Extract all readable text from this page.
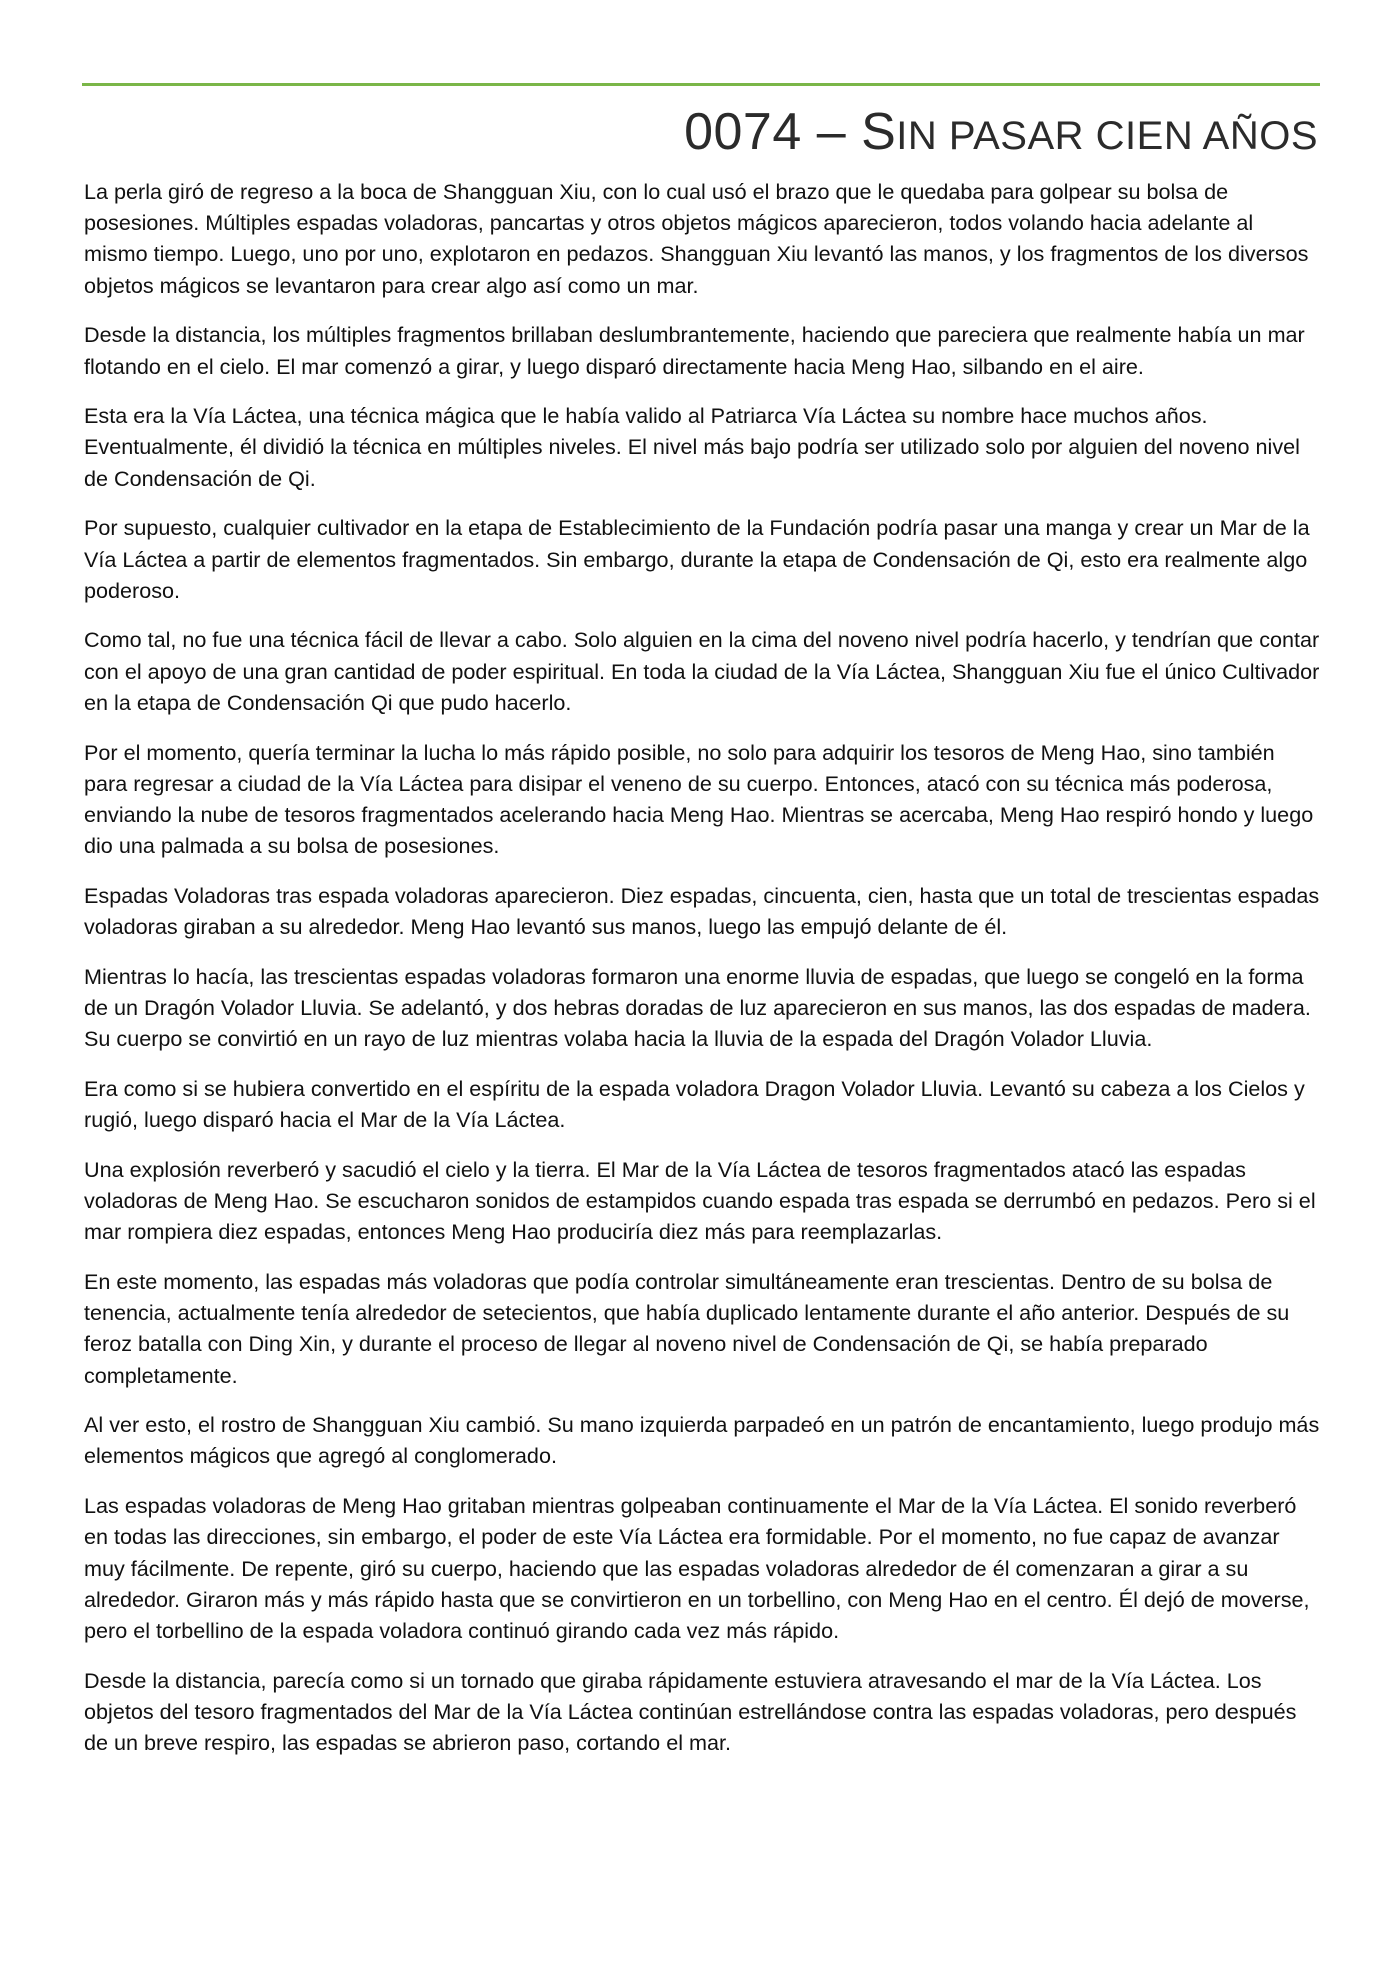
0074 – SIN PASAR CIEN AÑOS

La perla giró de regreso a la boca de Shangguan Xiu, con lo cual usó el brazo que le quedaba para golpear su bolsa de posesiones. Múltiples espadas voladoras, pancartas y otros objetos mágicos aparecieron, todos volando hacia adelante al mismo tiempo. Luego, uno por uno, explotaron en pedazos. Shangguan Xiu levantó las manos, y los fragmentos de los diversos objetos mágicos se levantaron para crear algo así como un mar.

Desde la distancia, los múltiples fragmentos brillaban deslumbrantemente, haciendo que pareciera que realmente había un mar flotando en el cielo. El mar comenzó a girar, y luego disparó directamente hacia Meng Hao, silbando en el aire.

Esta era la Vía Láctea, una técnica mágica que le había valido al Patriarca Vía Láctea su nombre hace muchos años. Eventualmente, él dividió la técnica en múltiples niveles. El nivel más bajo podría ser utilizado solo por alguien del noveno nivel de Condensación de Qi.

Por supuesto, cualquier cultivador en la etapa de Establecimiento de la Fundación podría pasar una manga y crear un Mar de la Vía Láctea a partir de elementos fragmentados. Sin embargo, durante la etapa de Condensación de Qi, esto era realmente algo poderoso.

Como tal, no fue una técnica fácil de llevar a cabo. Solo alguien en la cima del noveno nivel podría hacerlo, y tendrían que contar con el apoyo de una gran cantidad de poder espiritual. En toda la ciudad de la Vía Láctea, Shangguan Xiu fue el único Cultivador en la etapa de Condensación Qi que pudo hacerlo.

Por el momento, quería terminar la lucha lo más rápido posible, no solo para adquirir los tesoros de Meng Hao, sino también para regresar a ciudad de la Vía Láctea para disipar el veneno de su cuerpo. Entonces, atacó con su técnica más poderosa, enviando la nube de tesoros fragmentados acelerando hacia Meng Hao. Mientras se acercaba, Meng Hao respiró hondo y luego dio una palmada a su bolsa de posesiones.

Espadas Voladoras tras espada voladoras aparecieron. Diez espadas, cincuenta, cien, hasta que un total de trescientas espadas voladoras giraban a su alrededor. Meng Hao levantó sus manos, luego las empujó delante de él.

Mientras lo hacía, las trescientas espadas voladoras formaron una enorme lluvia de espadas, que luego se congeló en la forma de un Dragón Volador Lluvia. Se adelantó, y dos hebras doradas de luz aparecieron en sus manos, las dos espadas de madera. Su cuerpo se convirtió en un rayo de luz mientras volaba hacia la lluvia de la espada del Dragón Volador Lluvia.

Era como si se hubiera convertido en el espíritu de la espada voladora Dragon Volador Lluvia. Levantó su cabeza a los Cielos y rugió, luego disparó hacia el Mar de la Vía Láctea.

Una explosión reverberó y sacudió el cielo y la tierra. El Mar de la Vía Láctea de tesoros fragmentados atacó las espadas voladoras de Meng Hao. Se escucharon sonidos de estampidos cuando espada tras espada se derrumbó en pedazos. Pero si el mar rompiera diez espadas, entonces Meng Hao produciría diez más para reemplazarlas.

En este momento, las espadas más voladoras que podía controlar simultáneamente eran trescientas. Dentro de su bolsa de tenencia, actualmente tenía alrededor de setecientos, que había duplicado lentamente durante el año anterior. Después de su feroz batalla con Ding Xin, y durante el proceso de llegar al noveno nivel de Condensación de Qi, se había preparado completamente.

Al ver esto, el rostro de Shangguan Xiu cambió. Su mano izquierda parpadeó en un patrón de encantamiento, luego produjo más elementos mágicos que agregó al conglomerado.

Las espadas voladoras de Meng Hao gritaban mientras golpeaban continuamente el Mar de la Vía Láctea. El sonido reverberó en todas las direcciones, sin embargo, el poder de este Vía Láctea era formidable. Por el momento, no fue capaz de avanzar muy fácilmente. De repente, giró su cuerpo, haciendo que las espadas voladoras alrededor de él comenzaran a girar a su alrededor. Giraron más y más rápido hasta que se convirtieron en un torbellino, con Meng Hao en el centro. Él dejó de moverse, pero el torbellino de la espada voladora continuó girando cada vez más rápido.

Desde la distancia, parecía como si un tornado que giraba rápidamente estuviera atravesando el mar de la Vía Láctea. Los objetos del tesoro fragmentados del Mar de la Vía Láctea continúan estrellándose contra las espadas voladoras, pero después de un breve respiro, las espadas se abrieron paso, cortando el mar.
